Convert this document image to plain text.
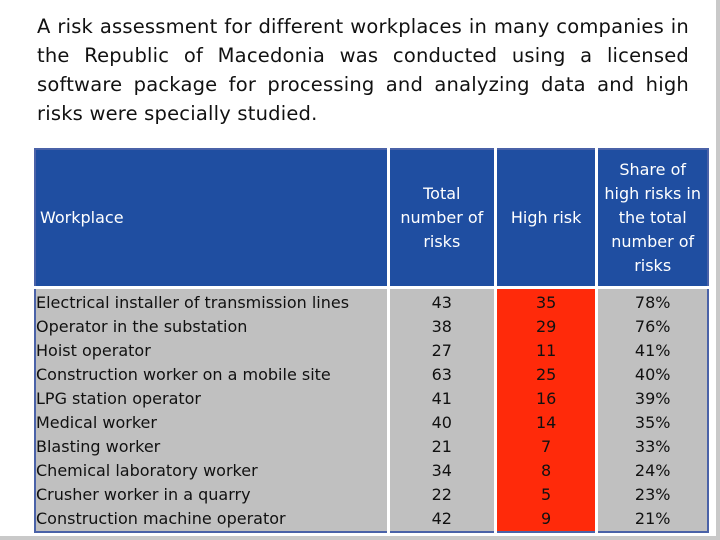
A risk assessment for different workplaces in many companies in the Republic of Macedonia was conducted using a licensed software package for processing and analyzing data and high risks were specially studied.

Workplace	Total number of risks	High risk	Share of high risks in the total number of risks

Electrical installer of transmission lines	43	35	78%
Operator in the substation	38	29	76%
Hoist operator	27	11	41%
Construction worker on a mobile site	63	25	40%
LPG station operator	41	16	39%
Medical worker	40	14	35%
Blasting worker	21	7	33%
Chemical laboratory worker	34	8	24%
Crusher worker in a quarry	22	5	23%
Construction machine operator	42	9	21%
